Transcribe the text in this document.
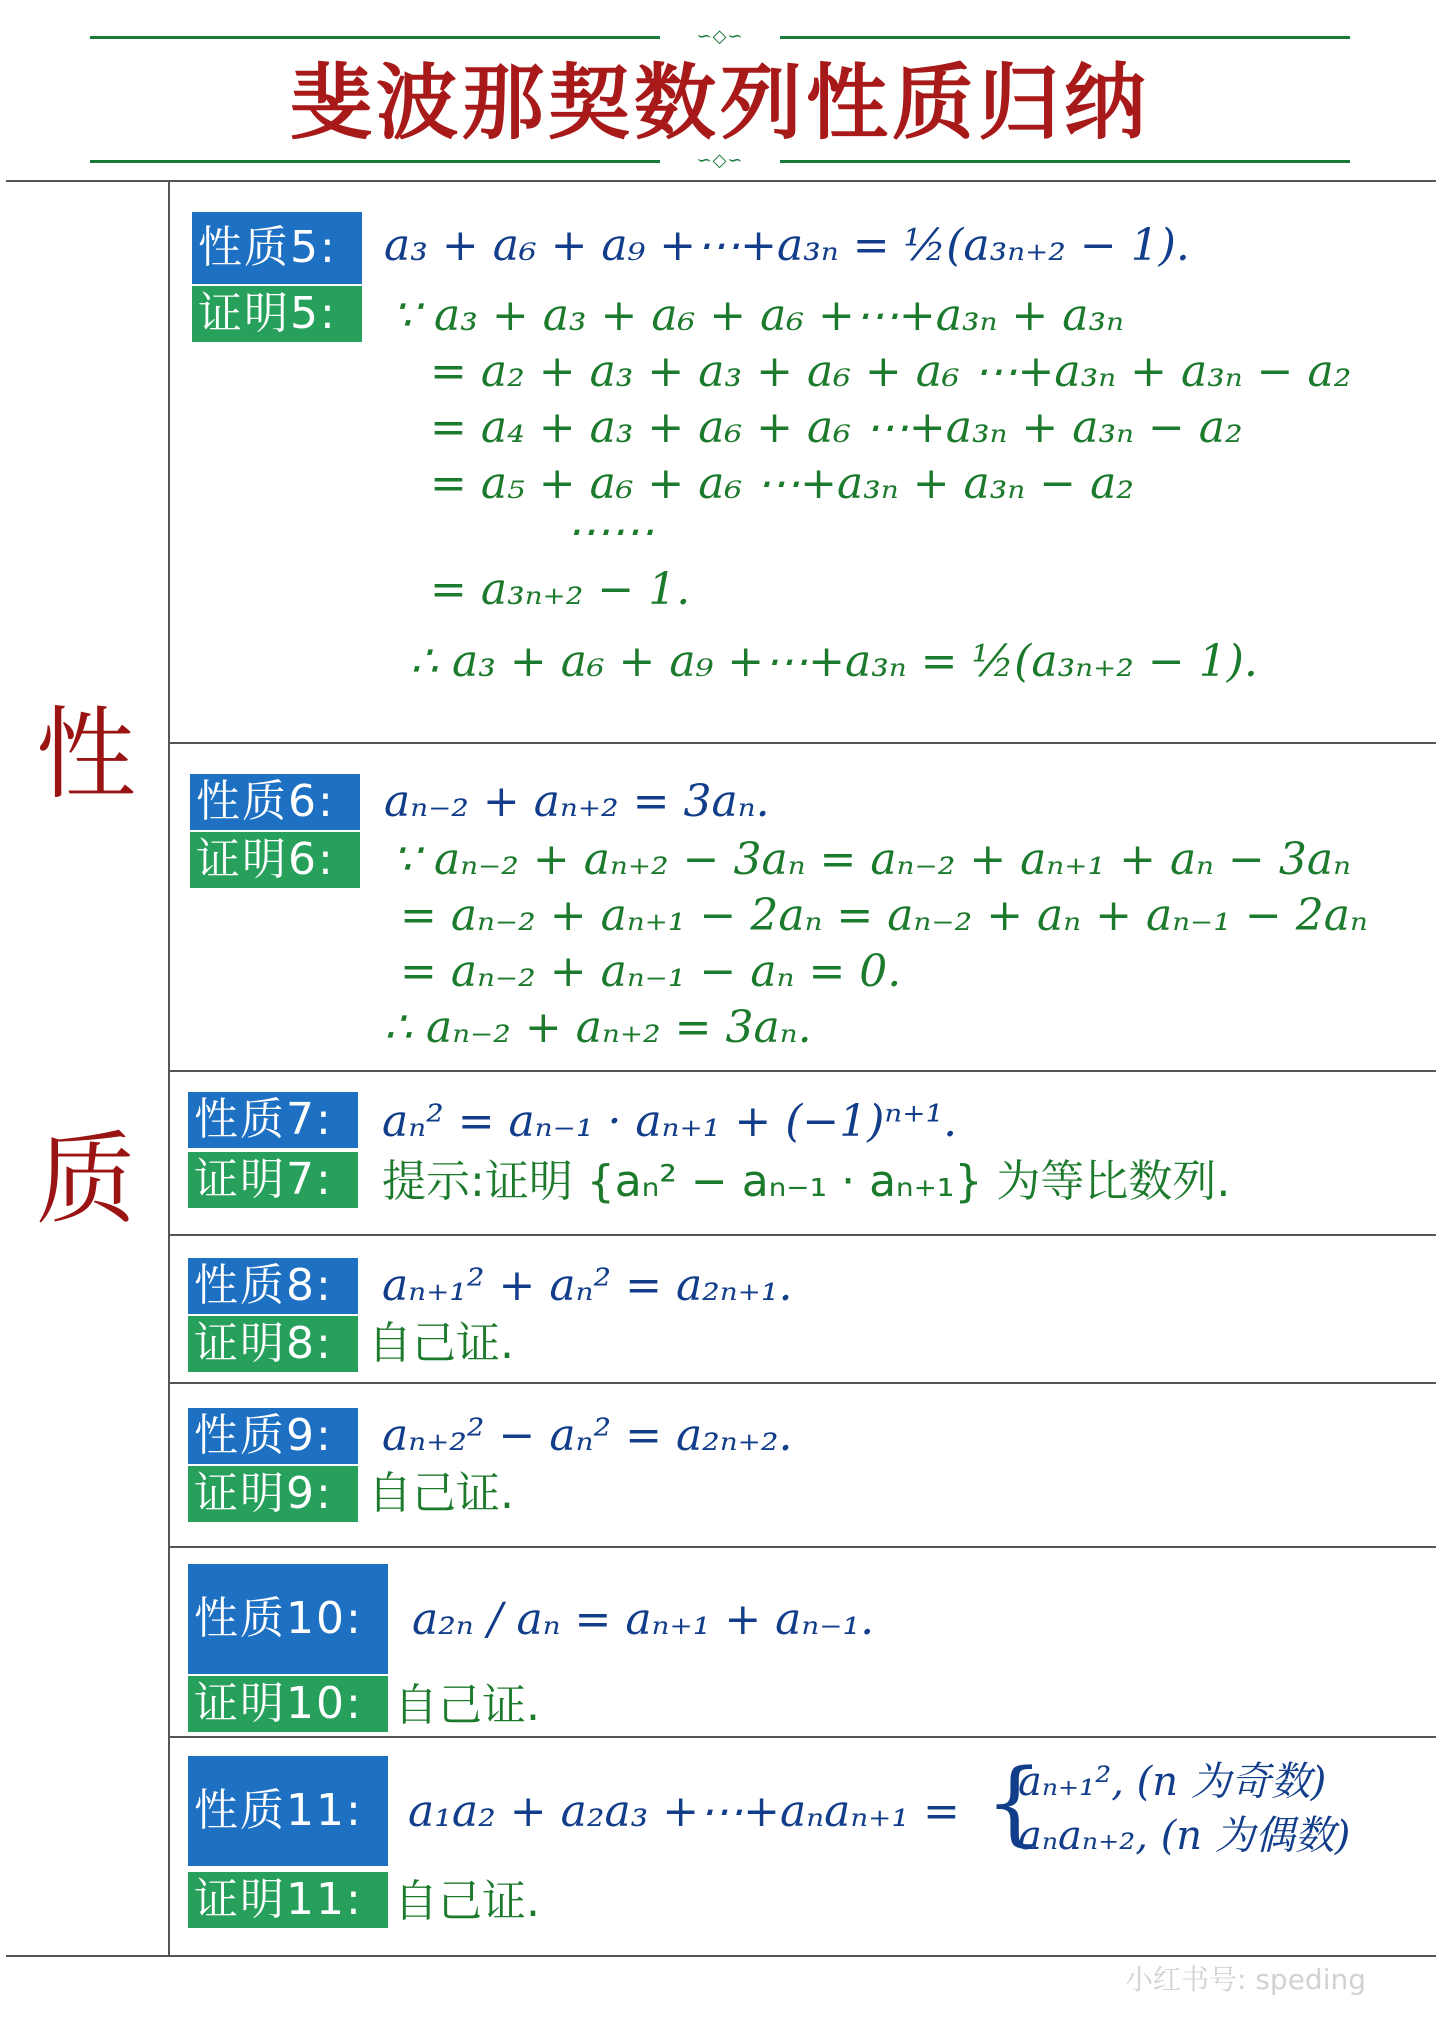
∽◇∽
斐波那契数列性质归纳
∽◇∽
性
质
性质5:
证明5:
a₃ + a₆ + a₉ +⋯+a₃ₙ = ½(a₃ₙ₊₂ − 1).
∵ a₃ + a₃ + a₆ + a₆ +⋯+a₃ₙ + a₃ₙ
= a₂ + a₃ + a₃ + a₆ + a₆ ⋯+a₃ₙ + a₃ₙ − a₂
= a₄ + a₃ + a₆ + a₆ ⋯+a₃ₙ + a₃ₙ − a₂
= a₅ + a₆ + a₆ ⋯+a₃ₙ + a₃ₙ − a₂
⋯⋯
= a₃ₙ₊₂ − 1.
∴ a₃ + a₆ + a₉ +⋯+a₃ₙ = ½(a₃ₙ₊₂ − 1).
性质6:
证明6:
aₙ₋₂ + aₙ₊₂ = 3aₙ.
∵ aₙ₋₂ + aₙ₊₂ − 3aₙ = aₙ₋₂ + aₙ₊₁ + aₙ − 3aₙ
= aₙ₋₂ + aₙ₊₁ − 2aₙ = aₙ₋₂ + aₙ + aₙ₋₁ − 2aₙ
= aₙ₋₂ + aₙ₋₁ − aₙ = 0.
∴ aₙ₋₂ + aₙ₊₂ = 3aₙ.
性质7:
证明7:
aₙ² = aₙ₋₁ · aₙ₊₁ + (−1)ⁿ⁺¹.
提示:证明 {aₙ² − aₙ₋₁ · aₙ₊₁} 为等比数列.
性质8:
证明8:
aₙ₊₁² + aₙ² = a₂ₙ₊₁.
自己证.
性质9:
证明9:
aₙ₊₂² − aₙ² = a₂ₙ₊₂.
自己证.
性质10:
证明10:
a₂ₙ / aₙ = aₙ₊₁ + aₙ₋₁.
自己证.
性质11:
证明11:
a₁a₂ + a₂a₃ +⋯+aₙaₙ₊₁ = {
aₙ₊₁², (n 为奇数)
aₙaₙ₊₂, (n 为偶数)
自己证.
小红书号: speding
